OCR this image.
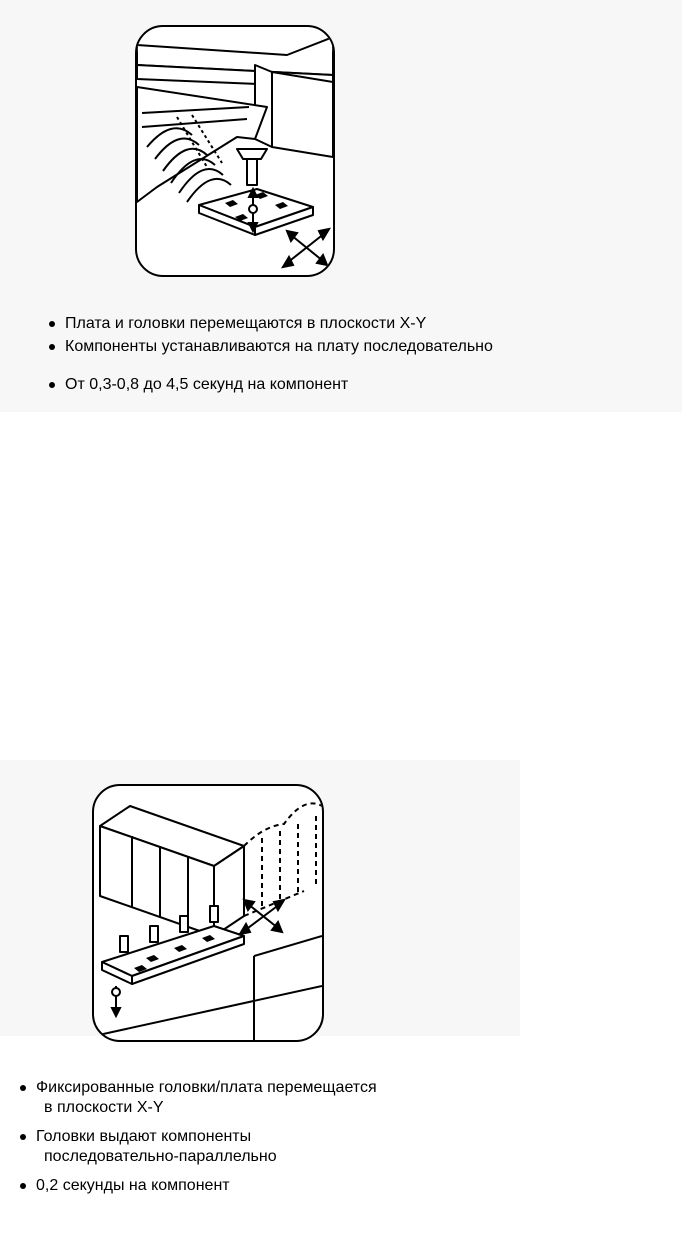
Плата и головки перемещаются в плоскости X-Y
Компоненты устанавливаются на плату последовательно
От 0,3-0,8 до 4,5 секунд на компонент
Фиксированные головки/плата перемещается
в плоскости X-Y
Головки выдают компоненты
последовательно-параллельно
0,2 секунды на компонент
